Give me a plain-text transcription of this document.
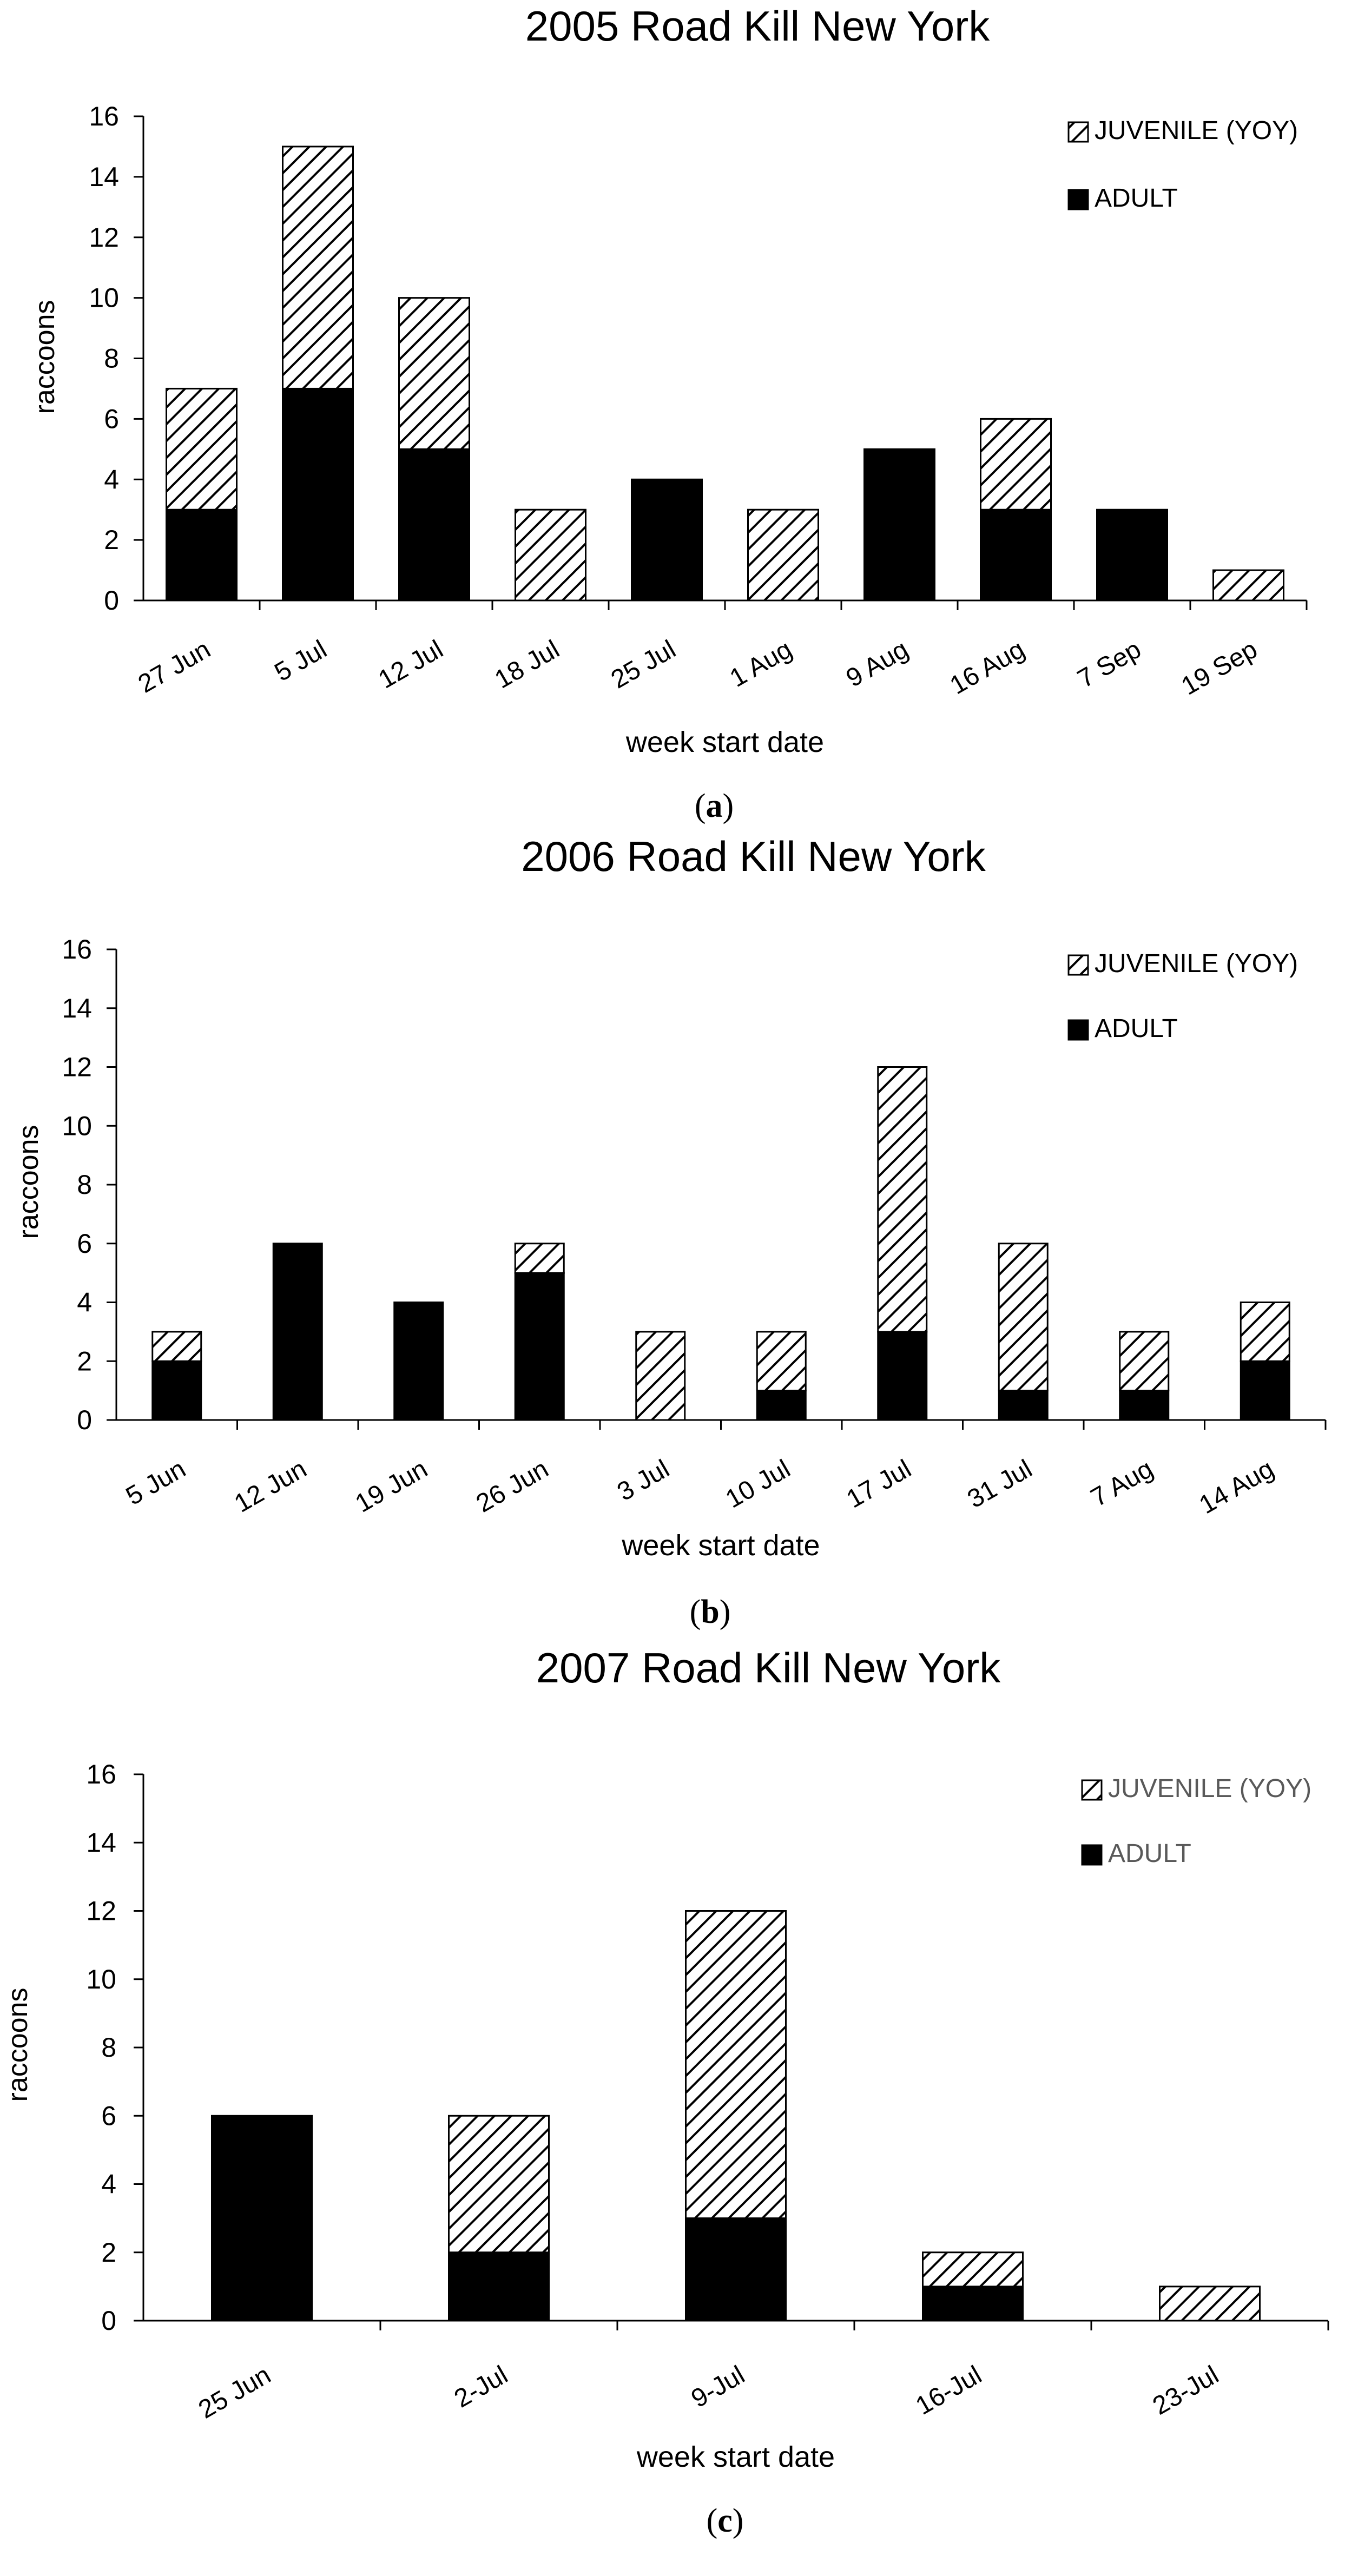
2005 Road Kill New York
0
2
4
6
8
10
12
14
16
raccoons
27 Jun 5 Jul 12 Jul 18 Jul 25 Jul 1 Aug 9 Aug 16 Aug 7 Sep 19 Sep
week start date
JUVENILE (YOY)
ADULT
(a)
2006 Road Kill New York
0
2
4
6
8
10
12
14
16
raccoons
5 Jun 12 Jun 19 Jun 26 Jun 3 Jul 10 Jul 17 Jul 31 Jul 7 Aug 14 Aug
week start date
JUVENILE (YOY)
ADULT
(b)
2007 Road Kill New York
0
2
4
6
8
10
12
14
16
raccoons
25 Jun	2-Jul	9-Jul	16-Jul	23-Jul
week start date
JUVENILE (YOY)
ADULT
(c)
